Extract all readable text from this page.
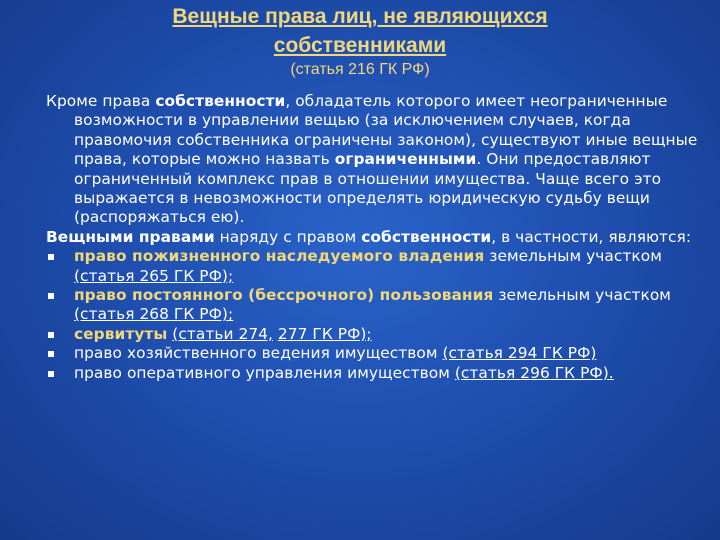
Вещные права лиц, не являющихся
собственниками
(статья 216 ГК РФ)

Кроме права собственности, обладатель которого имеет неограниченные возможности в управлении вещью (за исключением случаев, когда правомочия собственника ограничены законом), существуют иные вещные права, которые можно назвать ограниченными. Они предоставляют ограниченный комплекс прав в отношении имущества. Чаще всего это выражается в невозможности определять юридическую судьбу вещи (распоряжаться ею).

Вещными правами наряду с правом собственности, в частности, являются:

право пожизненного наследуемого владения земельным участком (статья 265 ГК РФ);
право постоянного (бессрочного) пользования земельным участком (статья 268 ГК РФ);
сервитуты (статьи 274, 277 ГК РФ);
право хозяйственного ведения имуществом (статья 294 ГК РФ)
право оперативного управления имуществом (статья 296 ГК РФ).
